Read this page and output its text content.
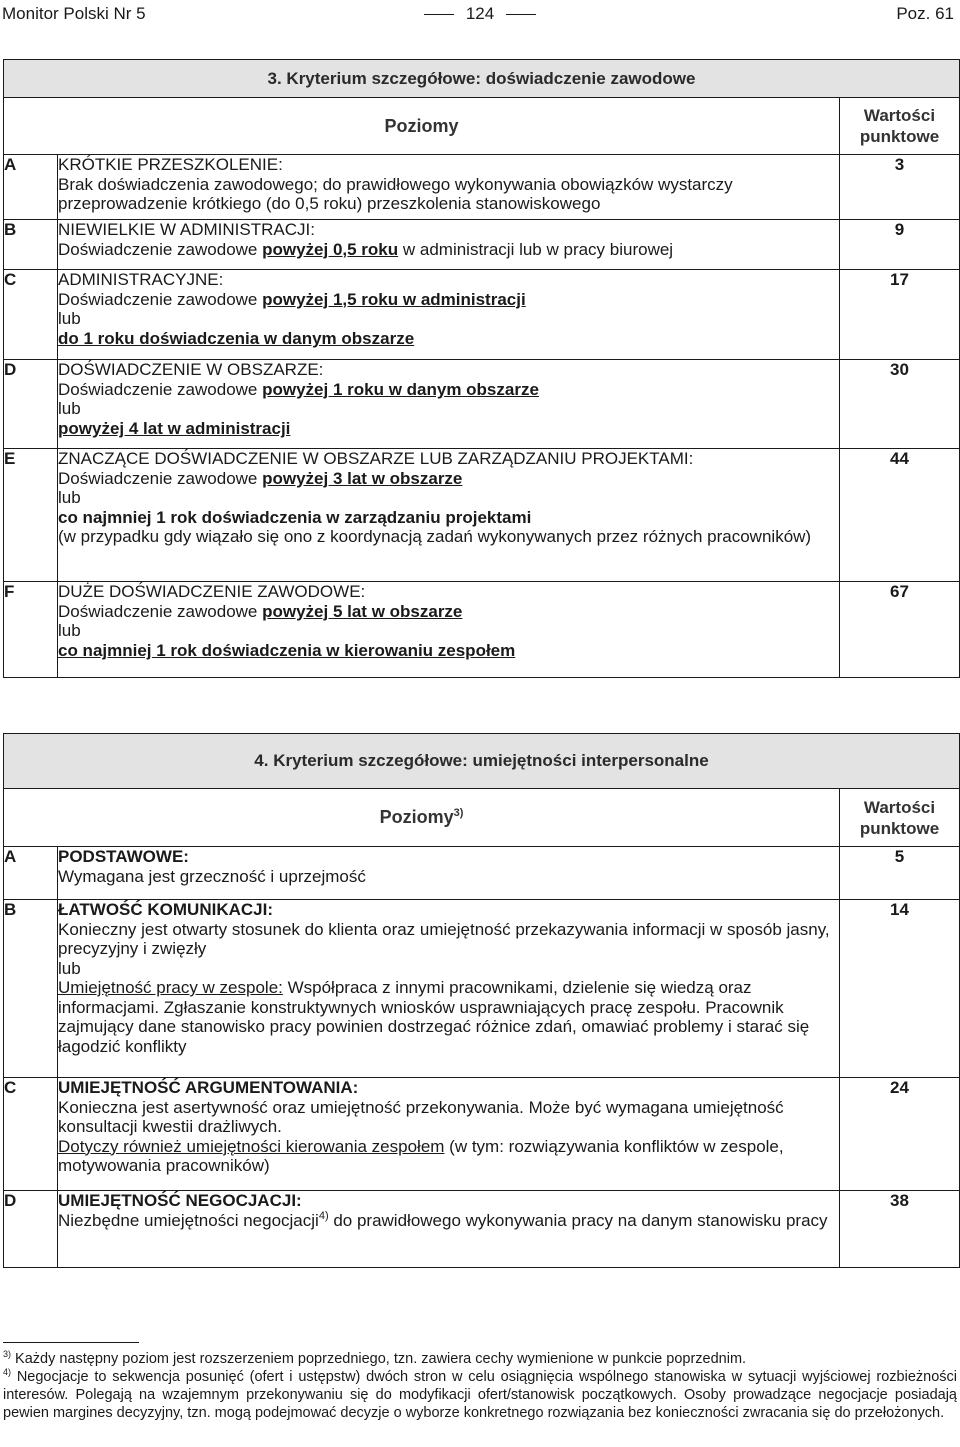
Monitor Polski Nr 5	124	Poz. 61
3. Kryterium szczegółowe: doświadczenie zawodowe		
Poziomy		Wartości
punktowe
A	KRÓTKIE PRZESZKOLENIE:
Brak doświadczenia zawodowego; do prawidłowego wykonywania obowiązków wystarczy przeprowadzenie krótkiego (do 0,5 roku) przeszkolenia stanowiskowego	3
B	NIEWIELKIE W ADMINISTRACJI:
Doświadczenie zawodowe powyżej 0,5 roku w administracji lub w pracy biurowej	9
C	ADMINISTRACYJNE:
Doświadczenie zawodowe powyżej 1,5 roku w administracji
lub
do 1 roku doświadczenia w danym obszarze	17
D	DOŚWIADCZENIE W OBSZARZE:
Doświadczenie zawodowe powyżej 1 roku w danym obszarze
lub
powyżej 4 lat w administracji	30
E	ZNACZĄCE DOŚWIADCZENIE W OBSZARZE LUB ZARZĄDZANIU PROJEKTAMI:
Doświadczenie zawodowe powyżej 3 lat w obszarze
lub
co najmniej 1 rok doświadczenia w zarządzaniu projektami
(w przypadku gdy wiązało się ono z koordynacją zadań wykonywanych przez różnych pracowników)	44
F	DUŻE DOŚWIADCZENIE ZAWODOWE:
Doświadczenie zawodowe powyżej 5 lat w obszarze
lub
co najmniej 1 rok doświadczenia w kierowaniu zespołem	67
4. Kryterium szczegółowe: umiejętności interpersonalne		
Poziomy$^{3)}$		Wartości
punktowe
A	PODSTAWOWE:
Wymagana jest grzeczność i uprzejmość	5
B	ŁATWOŚĆ KOMUNIKACJI:
Konieczny jest otwarty stosunek do klienta oraz umiejętność przekazywania informacji w sposób jasny, precyzyjny i zwięzły
lub
Umiejętność pracy w zespole: Współpraca z innymi pracownikami, dzielenie się wiedzą oraz informacjami. Zgłaszanie konstruktywnych wniosków usprawniających pracę zespołu. Pracownik zajmujący dane stanowisko pracy powinien dostrzegać różnice zdań, omawiać problemy i starać się łagodzić konflikty	14
C	UMIEJĘTNOŚĆ ARGUMENTOWANIA:
Konieczna jest asertywność oraz umiejętność przekonywania. Może być wymagana umiejętność konsultacji kwestii drażliwych.
Dotyczy również umiejętności kierowania zespołem (w tym: rozwiązywania konfliktów w zespole, motywowania pracowników)	24
D	UMIEJĘTNOŚĆ NEGOCJACJI:
Niezbędne umiejętności negocjacji$^{4)}$ do prawidłowego wykonywania pracy na danym stanowisku pracy	38

$^{3)}$ Każdy następny poziom jest rozszerzeniem poprzedniego, tzn. zawiera cechy wymienione w punkcie poprzednim.

$^{4)}$ Negocjacje to sekwencja posunięć (ofert i ustępstw) dwóch stron w celu osiągnięcia wspólnego stanowiska w sytuacji wyjściowej rozbieżności interesów. Polegają na wzajemnym przekonywaniu się do modyfikacji ofert/stanowisk początkowych. Osoby prowadzące negocjacje posiadają pewien margines decyzyjny, tzn. mogą podejmować decyzje o wyborze konkretnego rozwiązania bez konieczności zwracania się do przełożonych.
